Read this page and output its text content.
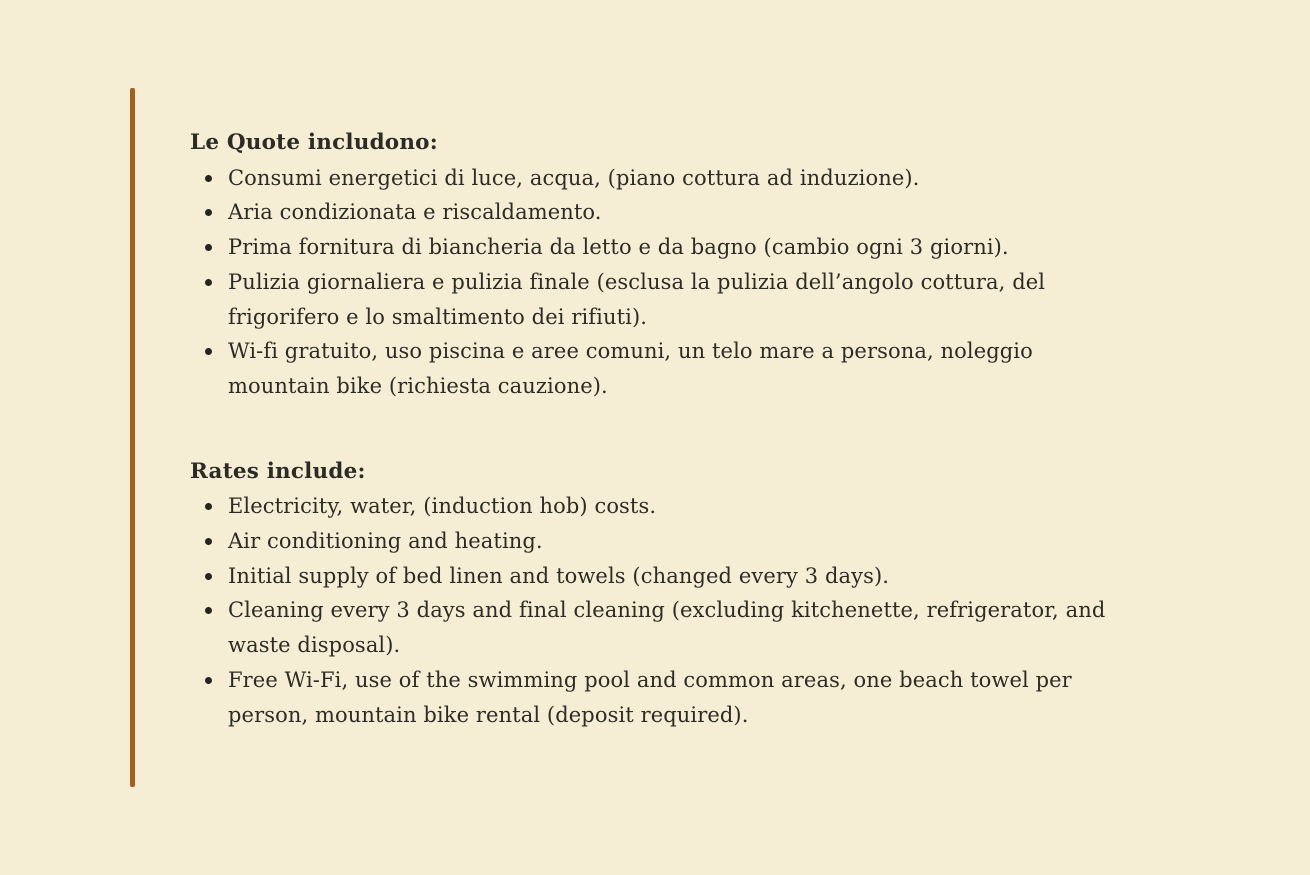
Le Quote includono:
Consumi energetici di luce, acqua, (piano cottura ad induzione).
Aria condizionata e riscaldamento.
Prima fornitura di biancheria da letto e da bagno (cambio ogni 3 giorni).
Pulizia giornaliera e pulizia finale (esclusa la pulizia dell’angolo cottura, del frigorifero e lo smaltimento dei rifiuti).
Wi-fi gratuito, uso piscina e aree comuni, un telo mare a persona, noleggio mountain bike (richiesta cauzione).
Rates include:
Electricity, water, (induction hob) costs.
Air conditioning and heating.
Initial supply of bed linen and towels (changed every 3 days).
Cleaning every 3 days and final cleaning (excluding kitchenette, refrigerator, and waste disposal).
Free Wi-Fi, use of the swimming pool and common areas, one beach towel per person, mountain bike rental (deposit required).
